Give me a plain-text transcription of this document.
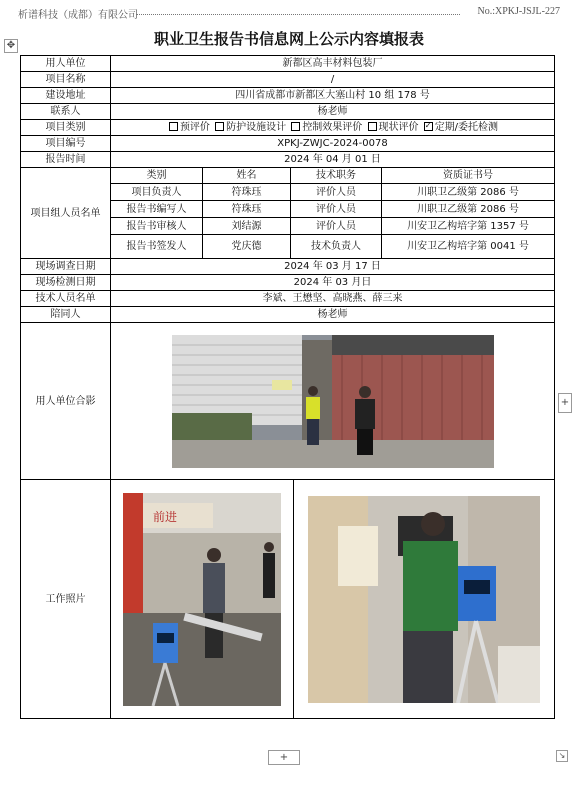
析谱科技（成都）有限公司	No.:XPKJ-JSJL-227
✥	职业卫生报告书信息网上公示内容填报表
用人单位	新都区高丰材料包装厂
项目名称	/
建设地址	四川省成都市新都区大塞山村 10 组 178 号
联系人	杨老师
项目类别	预评价 防护设施设计 控制效果评价 现状评价 ✓ 定期/委托检测
项目编号	XPKJ-ZWJC-2024-0078
报告时间	2024 年 04 月 01 日
项目组人员名单	
类别	姓名	技术职务	资质证书号
项目负责人	符珠珏	评价人员	川职卫乙级第 2086 号
报告书编写人	符珠珏	评价人员	川职卫乙级第 2086 号
报告书审核人	刘结源	评价人员	川安卫乙构培字第 1357 号
报告书签发人	党庆德	技术负责人	川安卫乙构培字第 0041 号

现场调查日期	2024 年 03 月 17 日
现场检测日期	2024 年 03 月日
技术人员名单	李斌、王懋坚、高晓燕、薛三来
陪同人	杨老师
用人单位合影	

工作照片	
前进

+
+	↘
